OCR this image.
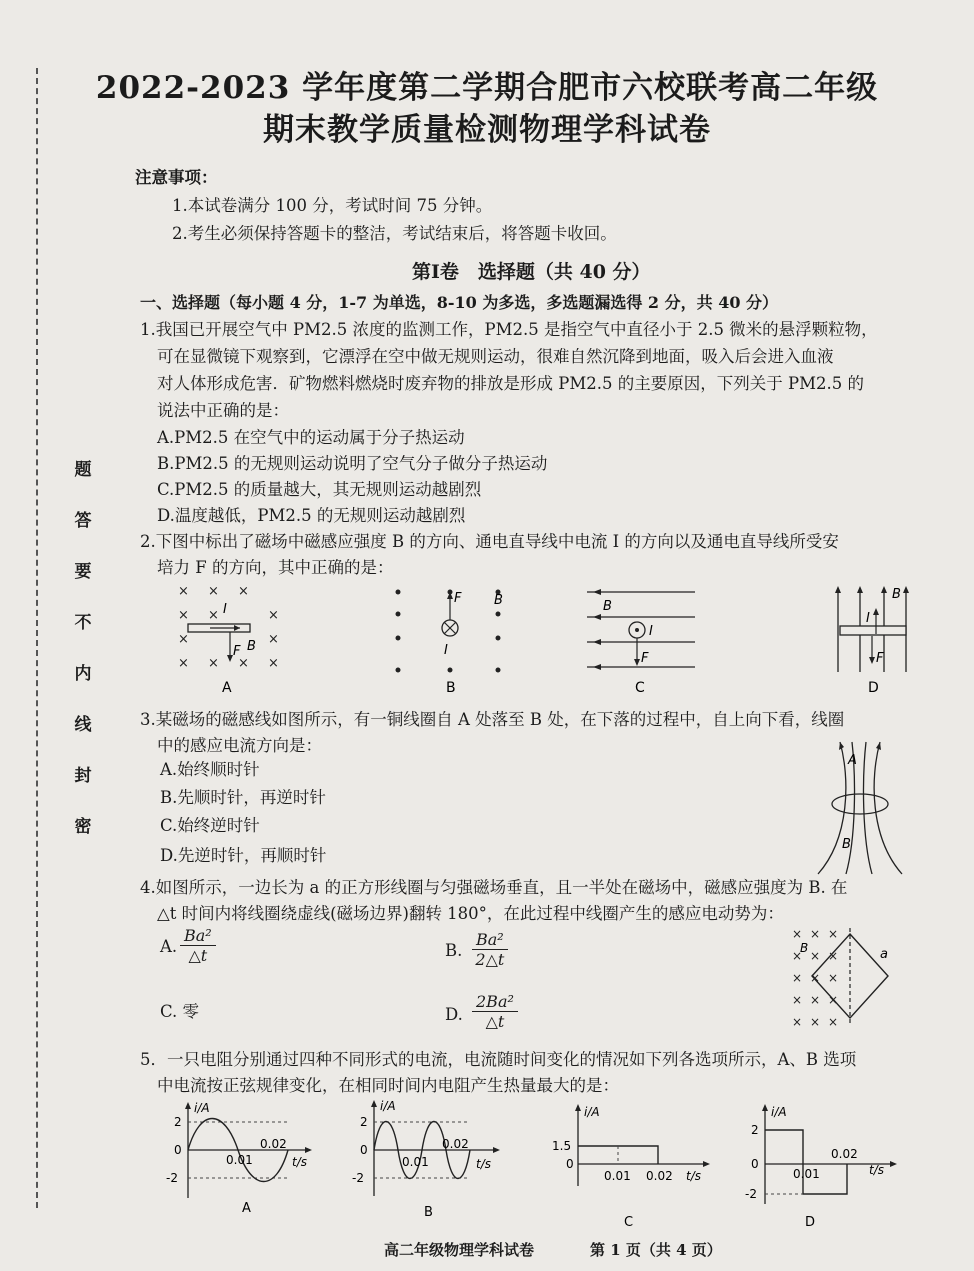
题
答
要
不
内
线
封
密
2022-2023 学年度第二学期合肥市六校联考高二年级
期末教学质量检测物理学科试卷
注意事项：
1.本试卷满分 100 分，考试时间 75 分钟。
2.考生必须保持答题卡的整洁，考试结束后，将答题卡收回。
第Ⅰ卷　选择题（共 40 分）
一、选择题（每小题 4 分，1-7 为单选，8-10 为多选，多选题漏选得 2 分，共 40 分）
1.我国已开展空气中 PM2.5 浓度的监测工作，PM2.5 是指空气中直径小于 2.5 微米的悬浮颗粒物，
可在显微镜下观察到，它漂浮在空中做无规则运动，很难自然沉降到地面，吸入后会进入血液
对人体形成危害．矿物燃料燃烧时废弃物的排放是形成 PM2.5 的主要原因，下列关于 PM2.5 的
说法中正确的是：
A.PM2.5 在空气中的运动属于分子热运动
B.PM2.5 的无规则运动说明了空气分子做分子热运动
C.PM2.5 的质量越大，其无规则运动越剧烈
D.温度越低，PM2.5 的无规则运动越剧烈
2.下图中标出了磁场中磁感应强度 B 的方向、通电直导线中电流 I 的方向以及通电直导线所受安
培力 F 的方向，其中正确的是：
× × ×
× ×	×
×	×
× × × ×
I
F B
A
F	B
I
B
B
I
F
C
B
I
F
D
3.某磁场的磁感线如图所示，有一铜线圈自 A 处落至 B 处，在下落的过程中，自上向下看，线圈
中的感应电流方向是：
A.始终顺时针
B.先顺时针，再逆时针
C.始终逆时针
D.先逆时针，再顺时针
A
B
4.如图所示，一边长为 a 的正方形线圈与匀强磁场垂直，且一半处在磁场中，磁感应强度为 B. 在
△t 时间内将线圈绕虚线(磁场边界)翻转 180°，在此过程中线圈产生的感应电动势为：
A. $\frac{\text{Ba²}}{\triangle t}$	B. $\frac{\text{Ba²}}{2\triangle t}$
C. 零	D. $\frac{\text{2Ba²}}{\triangle t}$
× × ×
× × ×
× × ×
× × ×
× × ×
B	a
5．一只电阻分别通过四种不同形式的电流，电流随时间变化的情况如下列各选项所示，A、B 选项
中电流按正弦规律变化，在相同时间内电阻产生热量最大的是：
i/A
t/s
2
0
-2
0.01
0.02
A
i/A
t/s
2
0
-2
0.01
0.02
B
i/A
t/s
1.5
0
0.01 0.02
C
i/A
t/s
2
0
-2
0.01
0.02
D
高二年级物理学科试卷	第 1 页（共 4 页）
